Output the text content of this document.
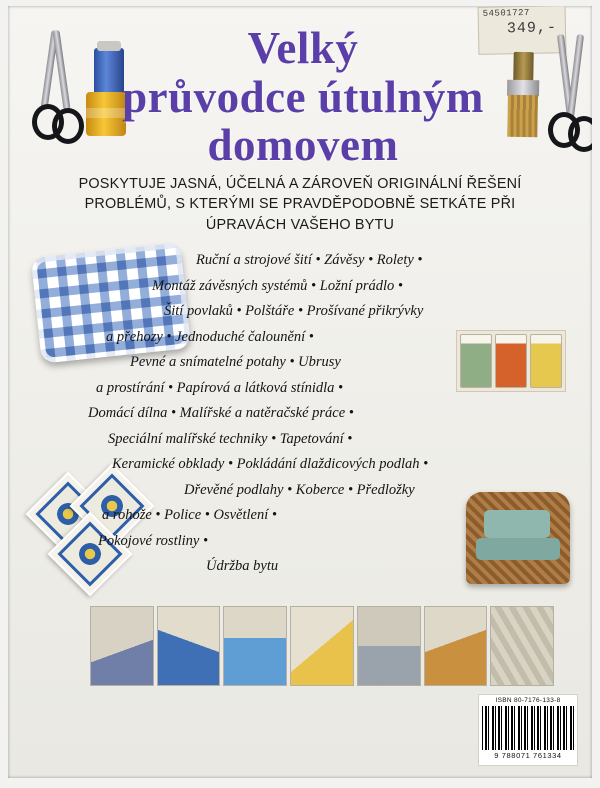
54501727
349,-
Velký
průvodce útulným
domovem
POSKYTUJE JASNÁ, ÚČELNÁ A ZÁROVEŇ ORIGINÁLNÍ ŘEŠENÍ PROBLÉMŮ, S KTERÝMI SE PRAVDĚPODOBNĚ SETKÁTE PŘI ÚPRAVÁCH VAŠEHO BYTU
Ruční a strojové šití • Závěsy • Rolety •
Montáž závěsných systémů • Ložní prádlo •
Šití povlaků • Polštáře • Prošívané přikrývky
a přehozy • Jednoduché čalounění •
Pevné a snímatelné potahy • Ubrusy
a prostírání • Papírová a látková stínidla •
Domácí dílna • Malířské a natěračské práce •
Speciální malířské techniky • Tapetování •
Keramické obklady • Pokládání dlaždicových podlah •
Dřevěné podlahy • Koberce • Předložky
a rohože • Police • Osvětlení •
Pokojové rostliny •
Údržba bytu
ISBN 80-7176-133-8
9 788071 761334
